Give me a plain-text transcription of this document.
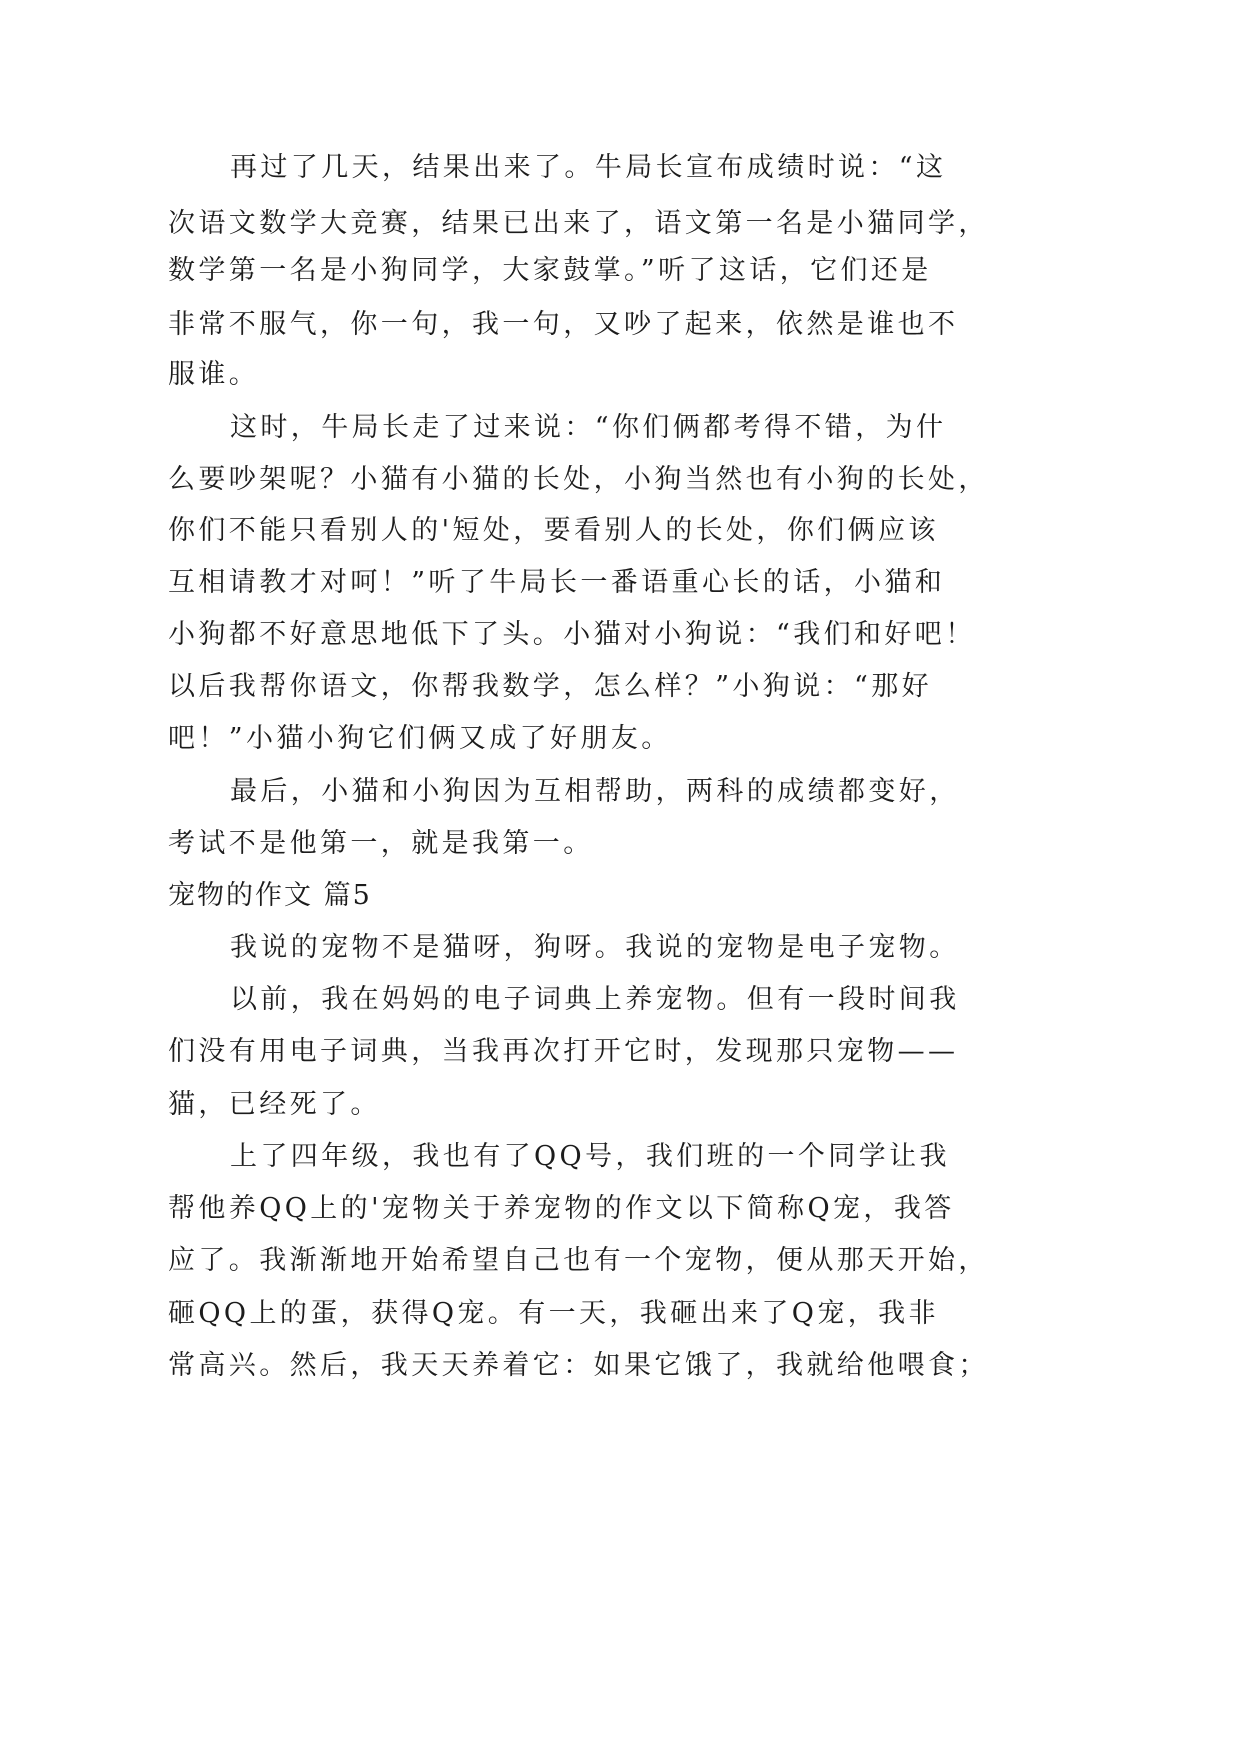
再过了几天，结果出来了。牛局长宣布成绩时说：“这
次语文数学大竞赛，结果已出来了，语文第一名是小猫同学，
数学第一名是小狗同学，大家鼓掌。”听了这话，它们还是
非常不服气，你一句，我一句，又吵了起来，依然是谁也不
服谁。
这时，牛局长走了过来说：“你们俩都考得不错，为什
么要吵架呢？小猫有小猫的长处，小狗当然也有小狗的长处，
你们不能只看别人的'短处，要看别人的长处，你们俩应该
互相请教才对呵！”听了牛局长一番语重心长的话，小猫和
小狗都不好意思地低下了头。小猫对小狗说：“我们和好吧！
以后我帮你语文，你帮我数学，怎么样？”小狗说：“那好
吧！”小猫小狗它们俩又成了好朋友。
最后，小猫和小狗因为互相帮助，两科的成绩都变好，
考试不是他第一，就是我第一。
宠物的作文 篇5
我说的宠物不是猫呀，狗呀。我说的宠物是电子宠物。
以前，我在妈妈的电子词典上养宠物。但有一段时间我
们没有用电子词典，当我再次打开它时，发现那只宠物——
猫，已经死了。
上了四年级，我也有了QQ号，我们班的一个同学让我
帮他养QQ上的'宠物关于养宠物的作文以下简称Q宠，我答
应了。我渐渐地开始希望自己也有一个宠物，便从那天开始，
砸QQ上的蛋，获得Q宠。有一天，我砸出来了Q宠，我非
常高兴。然后，我天天养着它：如果它饿了，我就给他喂食；
